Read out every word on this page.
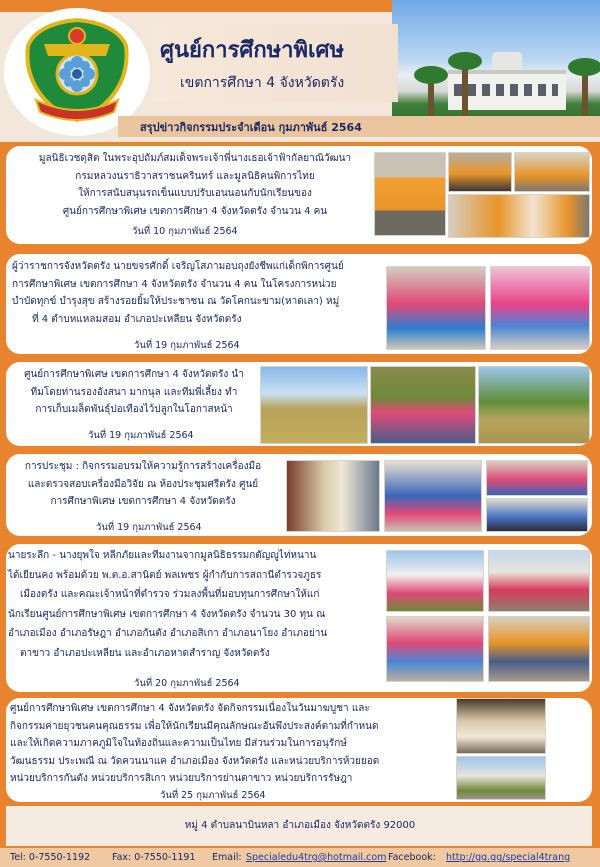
ศูนย์การศึกษาพิเศษ
เขตการศึกษา 4 จังหวัดตรัง
สรุปข่าวกิจกรรมประจำเดือน กุมภาพันธ์ 2564

มูลนิธิเวชดุสิต ในพระอุปถัมภ์สมเด็จพระเจ้าพี่นางเธอเจ้าฟ้ากัลยาณิวัฒนา

กรมหลวงนราธิวาสราชนครินทร์ และมูลนิธิคนพิการไทย

ให้การสนับสนุนรถเข็นแบบปรับเอนนอนกับนักเรียนของ

ศูนย์การศึกษาพิเศษ เขตการศึกษา 4 จังหวัดตรัง จำนวน 4 คน

วันที่ 10 กุมภาพันธ์ 2564

ผู้ว่าราชการจังหวัดตรัง นายขจรศักดิ์ เจริญโสภามอบถุงยังชีพแก่เด็กพิการศูนย์

การศึกษาพิเศษ เขตการศึกษา 4 จังหวัดตรัง จำนวน 4 คน ในโครงการหน่วย

บำบัดทุกข์ บำรุงสุข สร้างรอยยิ้มให้ประชาชน ณ วัดโคกนะขาม(หาดเลา) หมู่

ที่ 4 ตำบหแหลมสอม อำเภอปะเหลียน จังหวัดตรัง

วันที่ 19 กุมภาพันธ์ 2564

ศูนย์การศึกษาพิเศษ เขตการศึกษา 4 จังหวัดตรัง นำ

ทีมโดยท่านรองอังสนา มากนุล และทีมพี่เลี้ยง ทำ

การเก็บเมล็ดพันธุ์ปอเทืองไว้ปลูกในโอกาสหน้า

วันที่ 19 กุมภาพันธ์ 2564

การประชุม : กิจกรรมอบรมให้ความรู้การสร้างเครื่องมือ

และตรวจสอบเครื่องมือวิจัย ณ ห้องประชุมศรีตรัง ศูนย์

การศึกษาพิเศษ เขตการศึกษา 4 จังหวัดตรัง

วันที่ 19 กุมภาพันธ์ 2564

นายระลึก - นางยุพใจ หลีกภัยและทีมงานจากมูลนิธิธรรมกตัญญูไท่หนาน

ได้เยียนคง พร้อมด้วย พ.ต.อ.สานิตย์ พลเพชร ผู้กำกับการสถานีตำรวจภูธร

เมืองตรัง และคณะเจ้าหน้าที่ตำรวจ ร่วมลงพื้นที่มอบทุนการศึกษาให้แก่

นักเรียนศูนย์การศึกษาพิเศษ เขตการศึกษา 4 จังหวัดตรัง จำนวน 30 ทุน ณ

อำเภอเมือง อำเภอรัษฎา อำเภอกันตัง อำเภอสิเกา อำเภอนาโยง อำเภอย่าน

ตาขาว อำเภอปะเหลียน และอำเภอหาดสำราญ จังหวัดตรัง

วันที่ 20 กุมภาพันธ์ 2564

ศูนย์การศึกษาพิเศษ เขตการศึกษา 4 จังหวัดตรัง จัดกิจกรรมเนื่องในวันมาฆบูชา และ

กิจกรรมค่ายยุวชนคนคุณธรรม เพื่อให้นักเรียนมีคุณลักษณะอันพึงประสงค์ตามที่กำหนด

และให้เกิดความภาคภูมิใจในท้องถิ่นและความเป็นไทย มีส่วนร่วมในการอนุรักษ์

วัฒนธรรม ประเพณี ณ วัดควนนาแค อำเภอเมือง จังหวัดตรัง และหน่วยบริการห้วยยอด

หน่วยบริการกันตัง หน่วยบริการสิเกา หน่วยบริการย่านตาขาว หน่วยบริการรัษฎา

วันที่ 25 กุมภาพันธ์ 2564
หมู่ 4 ตำบลนาบินหลา อำเภอเมือง จังหวัดตรัง 92000
Tel: 0-7550-1192 Fax: 0-7550-1191 Email: Specialedu4trg@hotmail.com Facebook: http://gg.gg/special4trang
